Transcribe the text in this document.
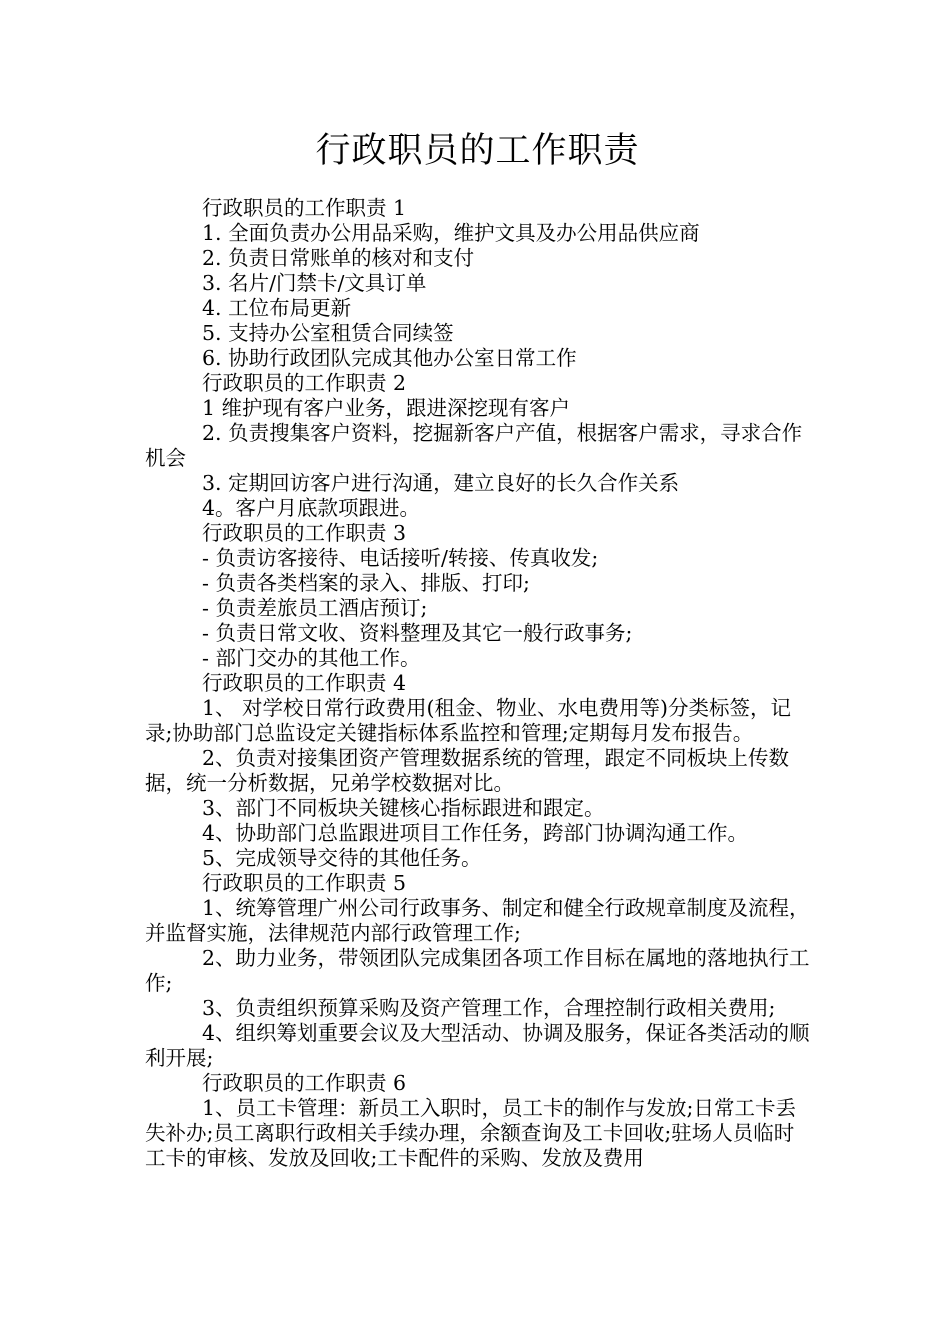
行政职员的工作职责

行政职员的工作职责 1

1. 全面负责办公用品采购，维护文具及办公用品供应商

2. 负责日常账单的核对和支付

3. 名片/门禁卡/文具订单

4. 工位布局更新

5. 支持办公室租赁合同续签

6. 协助行政团队完成其他办公室日常工作

行政职员的工作职责 2

1 维护现有客户业务，跟进深挖现有客户

2. 负责搜集客户资料，挖掘新客户产值，根据客户需求，寻求合作机会

3. 定期回访客户进行沟通，建立良好的长久合作关系

4。客户月底款项跟进。

行政职员的工作职责 3

- 负责访客接待、电话接听/转接、传真收发;

- 负责各类档案的录入、排版、打印;

- 负责差旅员工酒店预订;

- 负责日常文收、资料整理及其它一般行政事务;

- 部门交办的其他工作。

行政职员的工作职责 4

1、 对学校日常行政费用(租金、物业、水电费用等)分类标签，记录;协助部门总监设定关键指标体系监控和管理;定期每月发布报告。

2、负责对接集团资产管理数据系统的管理，跟定不同板块上传数据，统一分析数据，兄弟学校数据对比。

3、部门不同板块关键核心指标跟进和跟定。

4、协助部门总监跟进项目工作任务，跨部门协调沟通工作。

5、完成领导交待的其他任务。

行政职员的工作职责 5

1、统筹管理广州公司行政事务、制定和健全行政规章制度及流程，并监督实施，法律规范内部行政管理工作;

2、助力业务，带领团队完成集团各项工作目标在属地的落地执行工作;

3、负责组织预算采购及资产管理工作，合理控制行政相关费用;

4、组织筹划重要会议及大型活动、协调及服务，保证各类活动的顺利开展;

行政职员的工作职责 6

1、员工卡管理：新员工入职时，员工卡的制作与发放;日常工卡丢失补办;员工离职行政相关手续办理，余额查询及工卡回收;驻场人员临时工卡的审核、发放及回收;工卡配件的采购、发放及费用
